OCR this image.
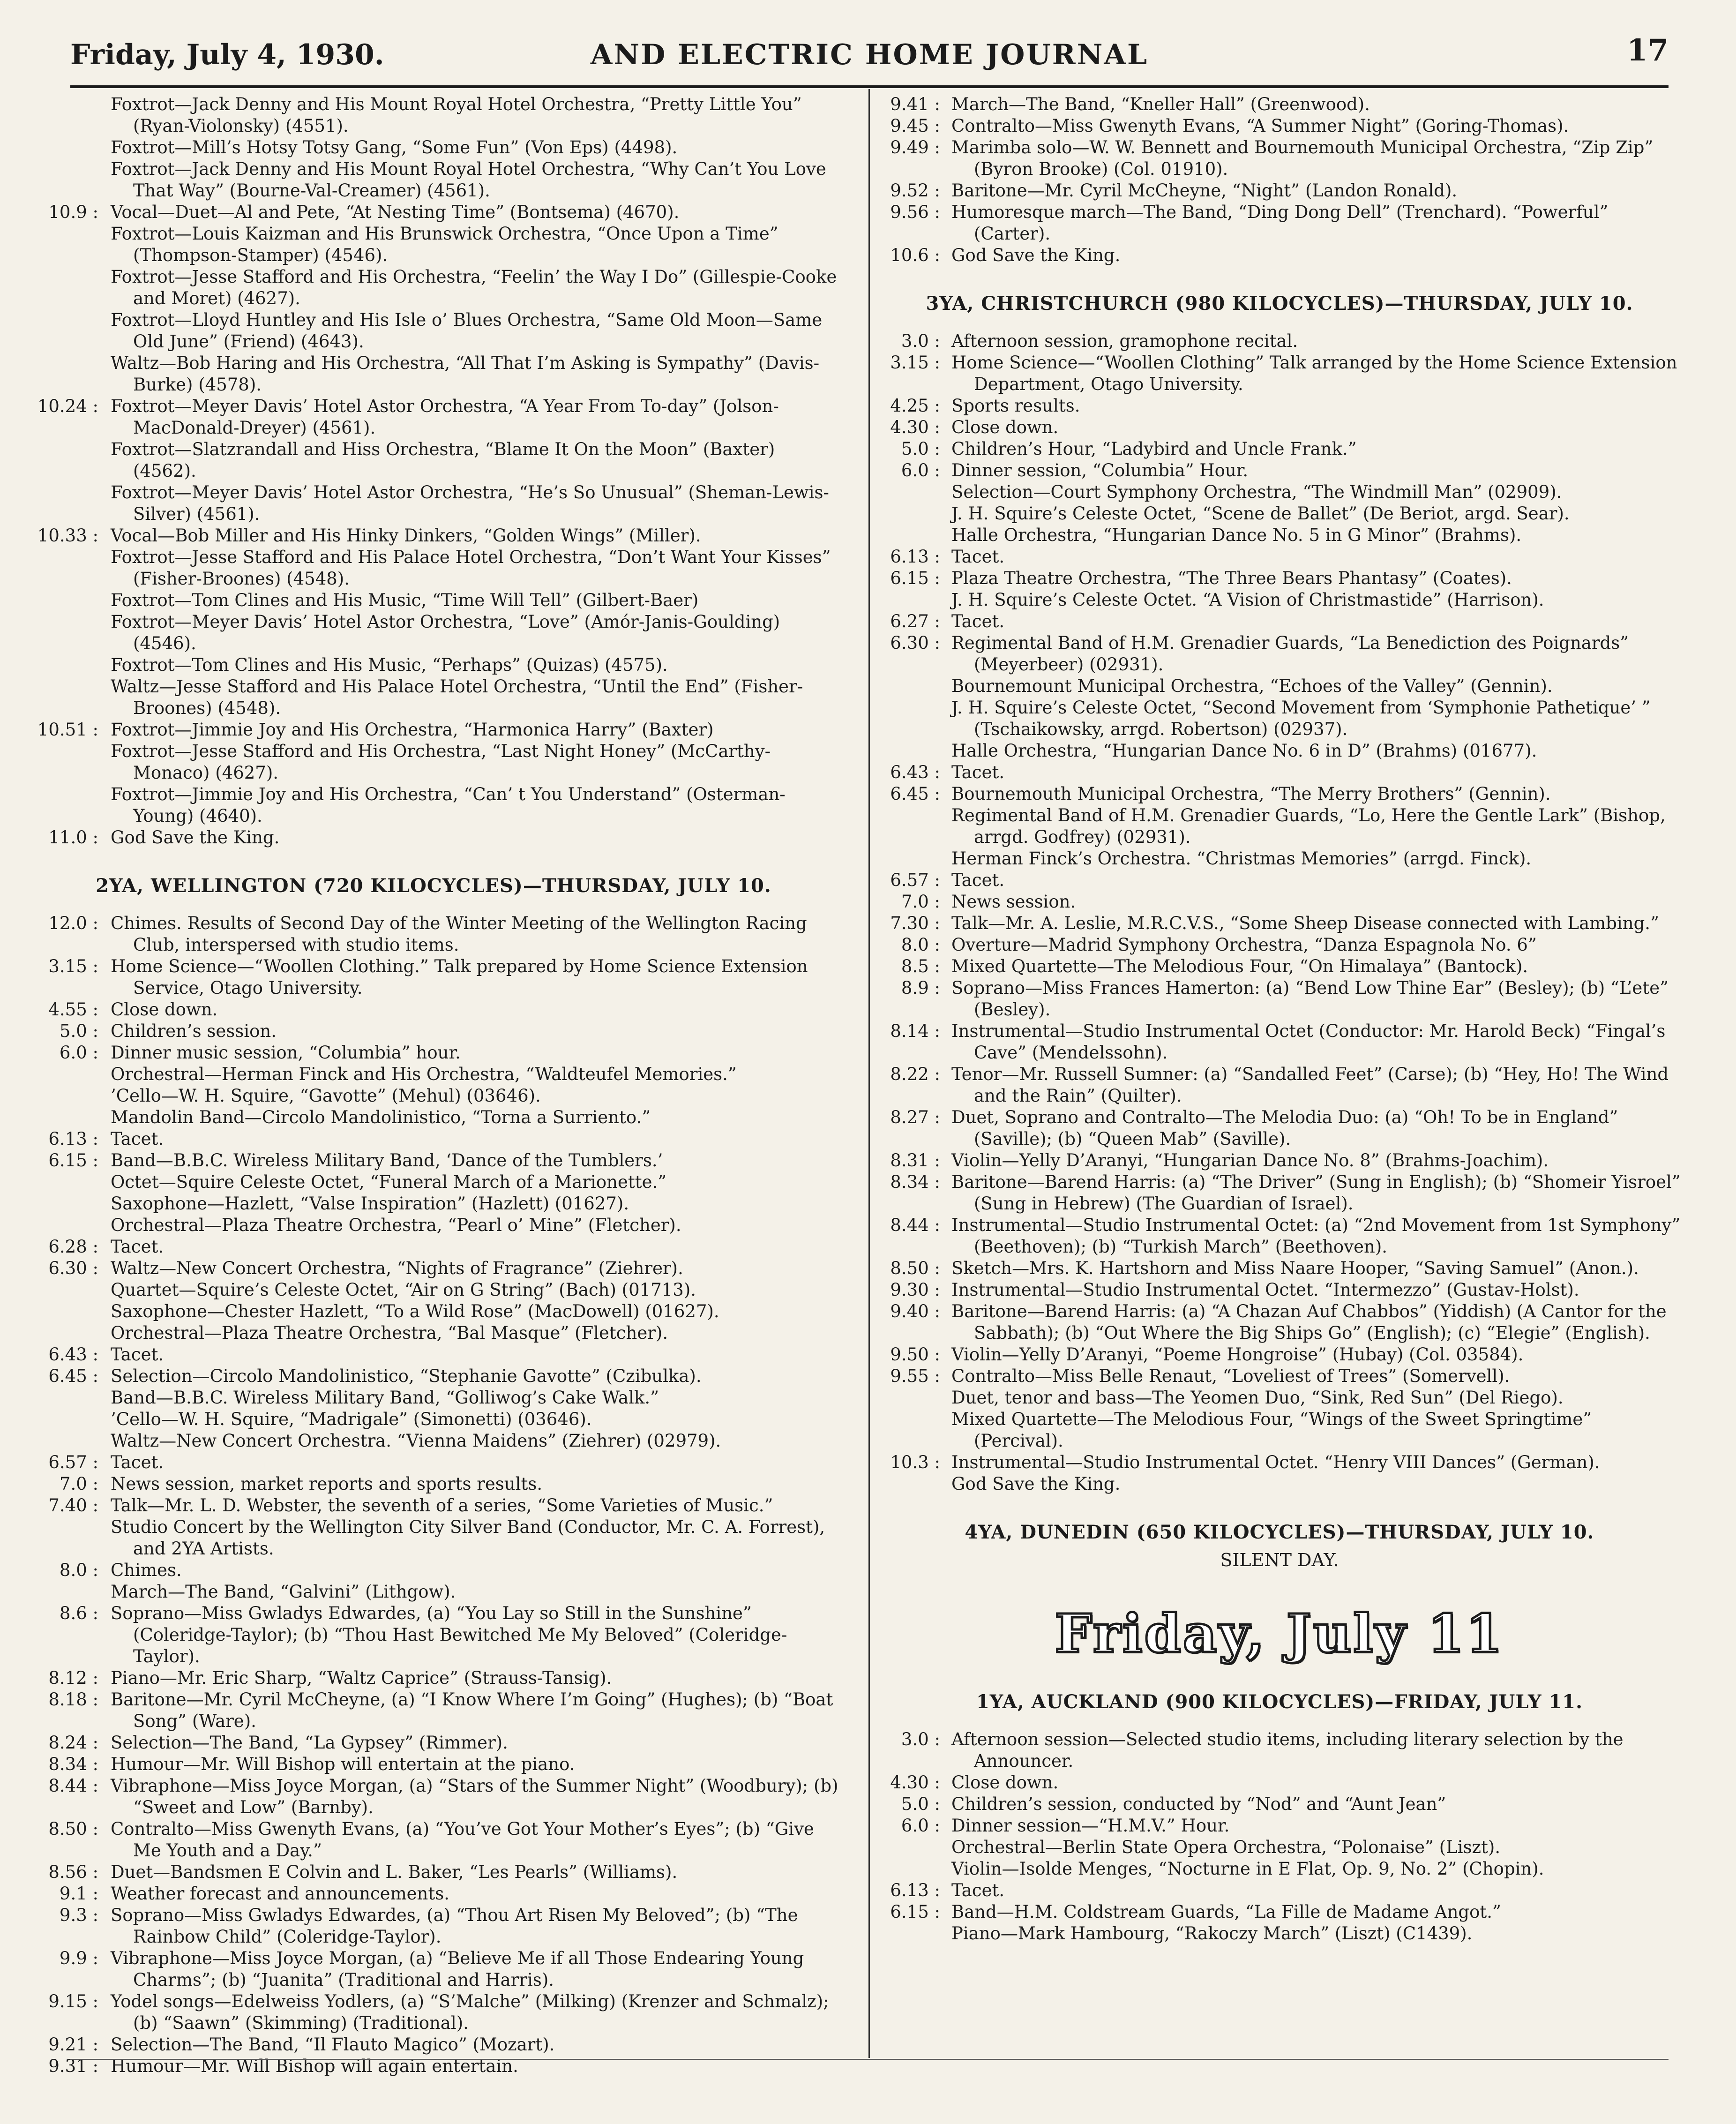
Friday, July 4, 1930.	AND ELECTRIC HOME JOURNAL	17
Foxtrot—Jack Denny and His Mount Royal Hotel Orchestra, “Pretty Little You” (Ryan-Violonsky) (4551).
Foxtrot—Mill’s Hotsy Totsy Gang, “Some Fun” (Von Eps) (4498).
Foxtrot—Jack Denny and His Mount Royal Hotel Orchestra, “Why Can’t You Love That Way” (Bourne-Val-Creamer) (4561).
10.9 : Vocal—Duet—Al and Pete, “At Nesting Time” (Bontsema) (4670).
Foxtrot—Louis Kaizman and His Brunswick Orchestra, “Once Upon a Time” (Thompson-Stamper) (4546).
Foxtrot—Jesse Stafford and His Orchestra, “Feelin’ the Way I Do” (Gillespie-Cooke and Moret) (4627).
Foxtrot—Lloyd Huntley and His Isle o’ Blues Orchestra, “Same Old Moon—Same Old June” (Friend) (4643).
Waltz—Bob Haring and His Orchestra, “All That I’m Asking is Sympathy” (Davis-Burke) (4578).
10.24 : Foxtrot—Meyer Davis’ Hotel Astor Orchestra, “A Year From To-day” (Jolson-MacDonald-Dreyer) (4561).
Foxtrot—Slatzrandall and Hiss Orchestra, “Blame It On the Moon” (Baxter) (4562).
Foxtrot—Meyer Davis’ Hotel Astor Orchestra, “He’s So Unusual” (Sheman-Lewis-Silver) (4561).
10.33 : Vocal—Bob Miller and His Hinky Dinkers, “Golden Wings” (Miller).
Foxtrot—Jesse Stafford and His Palace Hotel Orchestra, “Don’t Want Your Kisses” (Fisher-Broones) (4548).
Foxtrot—Tom Clines and His Music, “Time Will Tell” (Gilbert-Baer)
Foxtrot—Meyer Davis’ Hotel Astor Orchestra, “Love” (Amór-Janis-Goulding) (4546).
Foxtrot—Tom Clines and His Music, “Perhaps” (Quizas) (4575).
Waltz—Jesse Stafford and His Palace Hotel Orchestra, “Until the End” (Fisher-Broones) (4548).
10.51 : Foxtrot—Jimmie Joy and His Orchestra, “Harmonica Harry” (Baxter)
Foxtrot—Jesse Stafford and His Orchestra, “Last Night Honey” (McCarthy-Monaco) (4627).
Foxtrot—Jimmie Joy and His Orchestra, “Can’ t You Understand” (Osterman-Young) (4640).
11.0 : God Save the King.
2YA, WELLINGTON (720 KILOCYCLES)—THURSDAY, JULY 10.
12.0 : Chimes. Results of Second Day of the Winter Meeting of the Wellington Racing Club, interspersed with studio items.
3.15 : Home Science—“Woollen Clothing.” Talk prepared by Home Science Extension Service, Otago University.
4.55 : Close down.
5.0 : Children’s session.
6.0 : Dinner music session, “Columbia” hour.
Orchestral—Herman Finck and His Orchestra, “Waldteufel Memories.”
’Cello—W. H. Squire, “Gavotte” (Mehul) (03646).
Mandolin Band—Circolo Mandolinistico, “Torna a Surriento.”
6.13 : Tacet.
6.15 : Band—B.B.C. Wireless Military Band, ‘Dance of the Tumblers.’
Octet—Squire Celeste Octet, “Funeral March of a Marionette.”
Saxophone—Hazlett, “Valse Inspiration” (Hazlett) (01627).
Orchestral—Plaza Theatre Orchestra, “Pearl o’ Mine” (Fletcher).
6.28 : Tacet.
6.30 : Waltz—New Concert Orchestra, “Nights of Fragrance” (Ziehrer).
Quartet—Squire’s Celeste Octet, “Air on G String” (Bach) (01713).
Saxophone—Chester Hazlett, “To a Wild Rose” (MacDowell) (01627).
Orchestral—Plaza Theatre Orchestra, “Bal Masque” (Fletcher).
6.43 : Tacet.
6.45 : Selection—Circolo Mandolinistico, “Stephanie Gavotte” (Czibulka).
Band—B.B.C. Wireless Military Band, “Golliwog’s Cake Walk.”
’Cello—W. H. Squire, “Madrigale” (Simonetti) (03646).
Waltz—New Concert Orchestra. “Vienna Maidens” (Ziehrer) (02979).
6.57 : Tacet.
7.0 : News session, market reports and sports results.
7.40 : Talk—Mr. L. D. Webster, the seventh of a series, “Some Varieties of Music.”
Studio Concert by the Wellington City Silver Band (Conductor, Mr. C. A. Forrest), and 2YA Artists.
8.0 : Chimes.
March—The Band, “Galvini” (Lithgow).
8.6 : Soprano—Miss Gwladys Edwardes, (a) “You Lay so Still in the Sunshine” (Coleridge-Taylor); (b) “Thou Hast Bewitched Me My Beloved” (Coleridge-Taylor).
8.12 : Piano—Mr. Eric Sharp, “Waltz Caprice” (Strauss-Tansig).
8.18 : Baritone—Mr. Cyril McCheyne, (a) “I Know Where I’m Going” (Hughes); (b) “Boat Song” (Ware).
8.24 : Selection—The Band, “La Gypsey” (Rimmer).
8.34 : Humour—Mr. Will Bishop will entertain at the piano.
8.44 : Vibraphone—Miss Joyce Morgan, (a) “Stars of the Summer Night” (Woodbury); (b) “Sweet and Low” (Barnby).
8.50 : Contralto—Miss Gwenyth Evans, (a) “You’ve Got Your Mother’s Eyes”; (b) “Give Me Youth and a Day.”
8.56 : Duet—Bandsmen E Colvin and L. Baker, “Les Pearls” (Williams).
9.1 : Weather forecast and announcements.
9.3 : Soprano—Miss Gwladys Edwardes, (a) “Thou Art Risen My Beloved”; (b) “The Rainbow Child” (Coleridge-Taylor).
9.9 : Vibraphone—Miss Joyce Morgan, (a) “Believe Me if all Those Endearing Young Charms”; (b) “Juanita” (Traditional and Harris).
9.15 : Yodel songs—Edelweiss Yodlers, (a) “S’Malche” (Milking) (Krenzer and Schmalz); (b) “Saawn” (Skimming) (Traditional).
9.21 : Selection—The Band, “Il Flauto Magico” (Mozart).
9.31 : Humour—Mr. Will Bishop will again entertain.
9.41 : March—The Band, “Kneller Hall” (Greenwood).
9.45 : Contralto—Miss Gwenyth Evans, “A Summer Night” (Goring-Thomas).
9.49 : Marimba solo—W. W. Bennett and Bournemouth Municipal Orchestra, “Zip Zip” (Byron Brooke) (Col. 01910).
9.52 : Baritone—Mr. Cyril McCheyne, “Night” (Landon Ronald).
9.56 : Humoresque march—The Band, “Ding Dong Dell” (Trenchard). “Powerful” (Carter).
10.6 : God Save the King.
3YA, CHRISTCHURCH (980 KILOCYCLES)—THURSDAY, JULY 10.
3.0 : Afternoon session, gramophone recital.
3.15 : Home Science—“Woollen Clothing” Talk arranged by the Home Science Extension Department, Otago University.
4.25 : Sports results.
4.30 : Close down.
5.0 : Children’s Hour, “Ladybird and Uncle Frank.”
6.0 : Dinner session, “Columbia” Hour.
Selection—Court Symphony Orchestra, “The Windmill Man” (02909).
J. H. Squire’s Celeste Octet, “Scene de Ballet” (De Beriot, argd. Sear).
Halle Orchestra, “Hungarian Dance No. 5 in G Minor” (Brahms).
6.13 : Tacet.
6.15 : Plaza Theatre Orchestra, “The Three Bears Phantasy” (Coates).
J. H. Squire’s Celeste Octet. “A Vision of Christmastide” (Harrison).
6.27 : Tacet.
6.30 : Regimental Band of H.M. Grenadier Guards, “La Benediction des Poignards” (Meyerbeer) (02931).
Bournemount Municipal Orchestra, “Echoes of the Valley” (Gennin).
J. H. Squire’s Celeste Octet, “Second Movement from ‘Symphonie Pathetique’ ” (Tschaikowsky, arrgd. Robertson) (02937).
Halle Orchestra, “Hungarian Dance No. 6 in D” (Brahms) (01677).
6.43 : Tacet.
6.45 : Bournemouth Municipal Orchestra, “The Merry Brothers” (Gennin).
Regimental Band of H.M. Grenadier Guards, “Lo, Here the Gentle Lark” (Bishop, arrgd. Godfrey) (02931).
Herman Finck’s Orchestra. “Christmas Memories” (arrgd. Finck).
6.57 : Tacet.
7.0 : News session.
7.30 : Talk—Mr. A. Leslie, M.R.C.V.S., “Some Sheep Disease connected with Lambing.”
8.0 : Overture—Madrid Symphony Orchestra, “Danza Espagnola No. 6”
8.5 : Mixed Quartette—The Melodious Four, “On Himalaya” (Bantock).
8.9 : Soprano—Miss Frances Hamerton: (a) “Bend Low Thine Ear” (Besley); (b) “L’ete” (Besley).
8.14 : Instrumental—Studio Instrumental Octet (Conductor: Mr. Harold Beck) “Fingal’s Cave” (Mendelssohn).
8.22 : Tenor—Mr. Russell Sumner: (a) “Sandalled Feet” (Carse); (b) “Hey, Ho! The Wind and the Rain” (Quilter).
8.27 : Duet, Soprano and Contralto—The Melodia Duo: (a) “Oh! To be in England” (Saville); (b) “Queen Mab” (Saville).
8.31 : Violin—Yelly D’Aranyi, “Hungarian Dance No. 8” (Brahms-Joachim).
8.34 : Baritone—Barend Harris: (a) “The Driver” (Sung in English); (b) “Shomeir Yisroel” (Sung in Hebrew) (The Guardian of Israel).
8.44 : Instrumental—Studio Instrumental Octet: (a) “2nd Movement from 1st Symphony” (Beethoven); (b) “Turkish March” (Beethoven).
8.50 : Sketch—Mrs. K. Hartshorn and Miss Naare Hooper, “Saving Samuel” (Anon.).
9.30 : Instrumental—Studio Instrumental Octet. “Intermezzo” (Gustav-Holst).
9.40 : Baritone—Barend Harris: (a) “A Chazan Auf Chabbos” (Yiddish) (A Cantor for the Sabbath); (b) “Out Where the Big Ships Go” (English); (c) “Elegie” (English).
9.50 : Violin—Yelly D’Aranyi, “Poeme Hongroise” (Hubay) (Col. 03584).
9.55 : Contralto—Miss Belle Renaut, “Loveliest of Trees” (Somervell).
Duet, tenor and bass—The Yeomen Duo, “Sink, Red Sun” (Del Riego).
Mixed Quartette—The Melodious Four, “Wings of the Sweet Springtime” (Percival).
10.3 : Instrumental—Studio Instrumental Octet. “Henry VIII Dances” (German).
God Save the King.
4YA, DUNEDIN (650 KILOCYCLES)—THURSDAY, JULY 10.
SILENT DAY.
Friday, July 11
1YA, AUCKLAND (900 KILOCYCLES)—FRIDAY, JULY 11.
3.0 : Afternoon session—Selected studio items, including literary selection by the Announcer.
4.30 : Close down.
5.0 : Children’s session, conducted by “Nod” and “Aunt Jean”
6.0 : Dinner session—“H.M.V.” Hour.
Orchestral—Berlin State Opera Orchestra, “Polonaise” (Liszt).
Violin—Isolde Menges, “Nocturne in E Flat, Op. 9, No. 2” (Chopin).
6.13 : Tacet.
6.15 : Band—H.M. Coldstream Guards, “La Fille de Madame Angot.”
Piano—Mark Hambourg, “Rakoczy March” (Liszt) (C1439).
